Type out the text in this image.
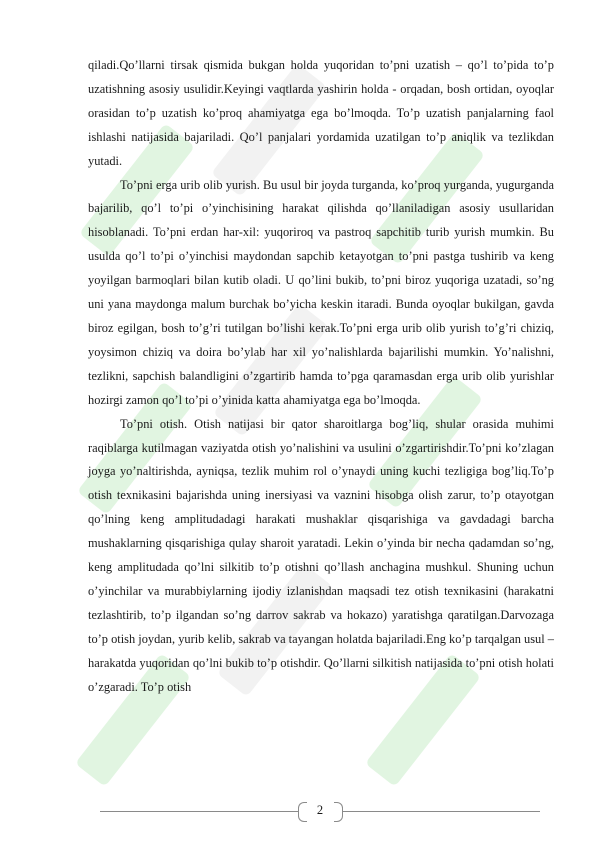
qiladi.Qo’llarni tirsak qismida bukgan holda yuqoridan to’pni uzatish – qo’l to’pida to’p uzatishning asosiy usulidir.Keyingi vaqtlarda yashirin holda - orqadan, bosh ortidan, oyoqlar orasidan to’p uzatish ko’proq ahamiyatga ega bo’lmoqda. To’p uzatish panjalarning faol ishlashi natijasida bajariladi. Qo’l panjalari yordamida uzatilgan to’p aniqlik va tezlikdan yutadi.

To’pni erga urib olib yurish. Bu usul bir joyda turganda, ko’proq yurganda, yugurganda bajarilib, qo’l to’pi o’yinchisining harakat qilishda qo’llaniladigan asosiy usullaridan hisoblanadi. To’pni erdan har-xil: yuqoriroq va pastroq sapchitib turib yurish mumkin. Bu usulda qo’l to’pi o’yinchisi maydondan sapchib ketayotgan to’pni pastga tushirib va keng yoyilgan barmoqlari bilan kutib oladi. U qo’lini bukib, to’pni biroz yuqoriga uzatadi, so’ng uni yana maydonga malum burchak bo’yicha keskin itaradi. Bunda oyoqlar bukilgan, gavda biroz egilgan, bosh to’g’ri tutilgan bo’lishi kerak.To’pni erga urib olib yurish to’g’ri chiziq, yoysimon chiziq va doira bo’ylab har xil yo’nalishlarda bajarilishi mumkin. Yo’nalishni, tezlikni, sapchish balandligini o’zgartirib hamda to’pga qaramasdan erga urib olib yurishlar hozirgi zamon qo’l to’pi o’yinida katta ahamiyatga ega bo’lmoqda.

To’pni otish. Otish natijasi bir qator sharoitlarga bog’liq, shular orasida muhimi raqiblarga kutilmagan vaziyatda otish yo’nalishini va usulini o’zgartirishdir.To’pni ko’zlagan joyga yo’naltirishda, ayniqsa, tezlik muhim rol o’ynaydi uning kuchi tezligiga bog’liq.To’p otish texnikasini bajarishda uning inersiyasi va vaznini hisobga olish zarur, to’p otayotgan qo’lning keng amplitudadagi harakati mushaklar qisqarishiga va gavdadagi barcha mushaklarning qisqarishiga qulay sharoit yaratadi. Lekin o’yinda bir necha qadamdan so’ng, keng amplitudada qo’lni silkitib to’p otishni qo’llash anchagina mushkul. Shuning uchun o’yinchilar va murabbiylarning ijodiy izlanishdan maqsadi tez otish texnikasini (harakatni tezlashtirib, to’p ilgandan so’ng darrov sakrab va hokazo) yaratishga qaratilgan.Darvozaga to’p otish joydan, yurib kelib, sakrab va tayangan holatda bajariladi.Eng ko’p tarqalgan usul – harakatda yuqoridan qo’lni bukib to’p otishdir. Qo’llarni silkitish natijasida to’pni otish holati o’zgaradi. To’p otish

2
